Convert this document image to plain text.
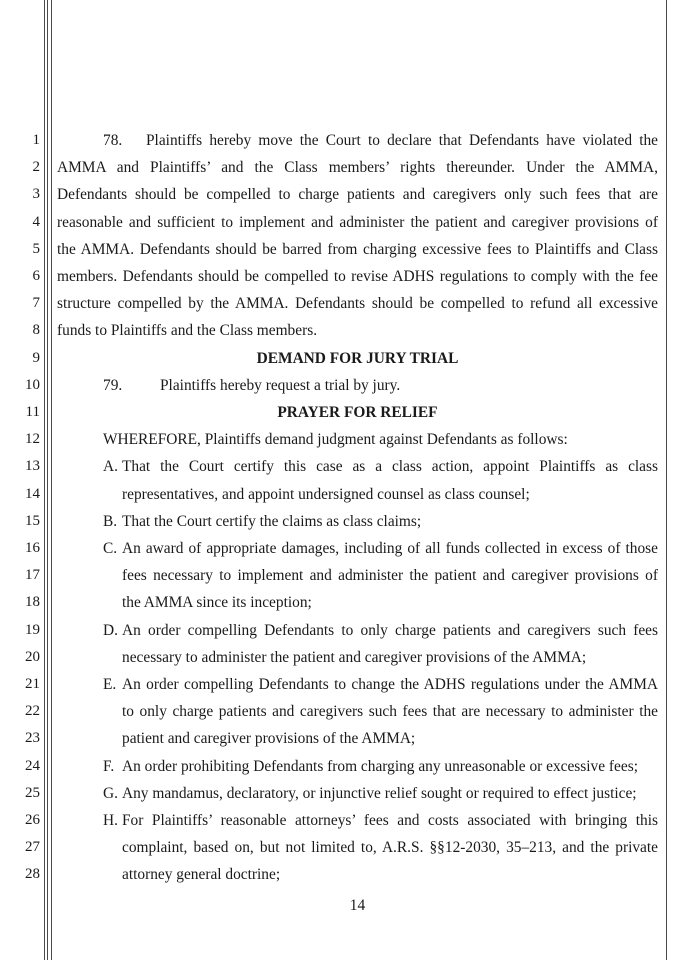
1
2
3
4
5
6
7
8
9
10
11
12
13
14
15
16
17
18
19
20
21
22
23
24
25
26
27
28
78. Plaintiffs hereby move the Court to declare that Defendants have violated the
AMMA and Plaintiffs’ and the Class members’ rights thereunder. Under the AMMA,
Defendants should be compelled to charge patients and caregivers only such fees that are
reasonable and sufficient to implement and administer the patient and caregiver provisions of
the AMMA. Defendants should be barred from charging excessive fees to Plaintiffs and Class
members. Defendants should be compelled to revise ADHS regulations to comply with the fee
structure compelled by the AMMA. Defendants should be compelled to refund all excessive
funds to Plaintiffs and the Class members.
DEMAND FOR JURY TRIAL
79. Plaintiffs hereby request a trial by jury.
PRAYER FOR RELIEF
WHEREFORE, Plaintiffs demand judgment against Defendants as follows:
A. That the Court certify this case as a class action, appoint Plaintiffs as class
representatives, and appoint undersigned counsel as class counsel;
B. That the Court certify the claims as class claims;
C. An award of appropriate damages, including of all funds collected in excess of those
fees necessary to implement and administer the patient and caregiver provisions of
the AMMA since its inception;
D. An order compelling Defendants to only charge patients and caregivers such fees
necessary to administer the patient and caregiver provisions of the AMMA;
E. An order compelling Defendants to change the ADHS regulations under the AMMA
to only charge patients and caregivers such fees that are necessary to administer the
patient and caregiver provisions of the AMMA;
F. An order prohibiting Defendants from charging any unreasonable or excessive fees;
G. Any mandamus, declaratory, or injunctive relief sought or required to effect justice;
H. For Plaintiffs’ reasonable attorneys’ fees and costs associated with bringing this
complaint, based on, but not limited to, A.R.S. §§12-2030, 35–213, and the private
attorney general doctrine;
14
